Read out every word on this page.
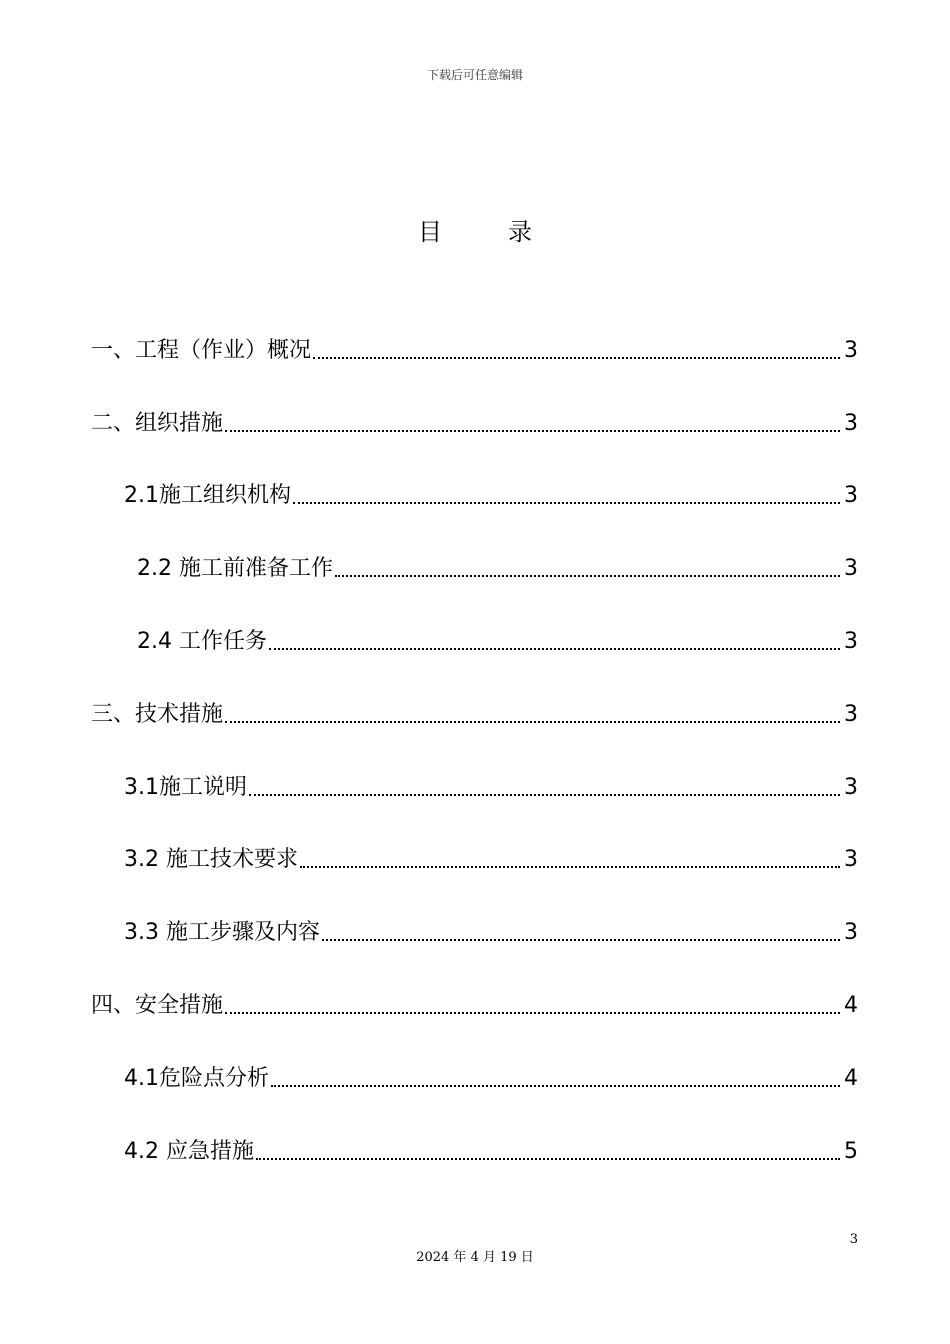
下载后可任意编辑
目	录
一、工程（作业）概况	3
二、组织措施	3
2.1施工组织机构	3
2.2 施工前准备工作	3
2.4 工作任务	3
三、技术措施	3
3.1施工说明	3
3.2 施工技术要求	3
3.3 施工步骤及内容	3
四、安全措施	4
4.1危险点分析	4
4.2 应急措施	5
3
2024 年 4 月 19 日
